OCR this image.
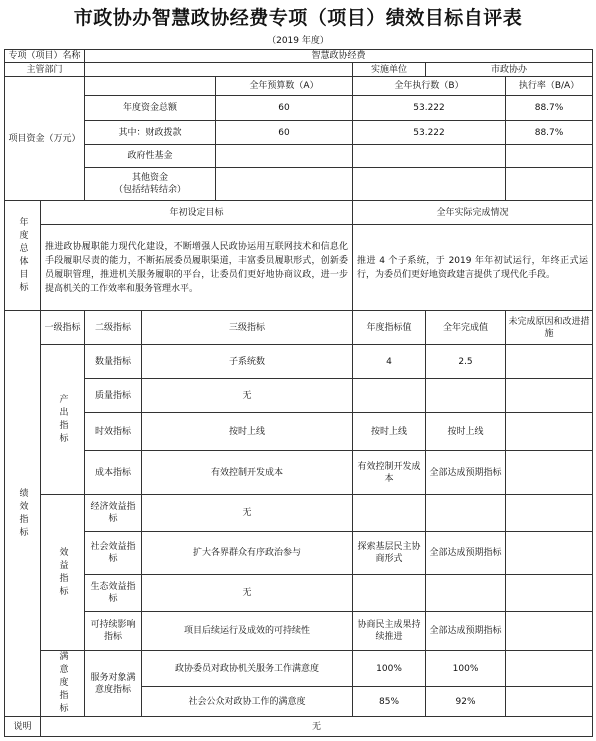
市政协办智慧政协经费专项（项目）绩效目标自评表
（2019 年度）
专项（项目）名称		智慧政协经费					
主管部门					实施单位	市政协办	
项目资金（万元）				全年预算数（A）	全年执行数（B）		执行率（B/A）
		年度资金总额		60	53.222		88.7%
		其中：财政拨款		60	53.222		88.7%
		政府性基金					
		其他资金
（包括结转结余）					
年度总体目标	年初设定目标				全年实际完成情况		
	推进政协履职能力现代化建设，不断增强人民政协运用互联网技术和信息化手段履职尽责的能力，不断拓展委员履职渠道，丰富委员履职形式，创新委员履职管理，推进机关服务履职的平台，让委员们更好地协商议政，进一步提高机关的工作效率和服务管理水平。				推进 4 个子系统，于 2019 年年初试运行，年终正式运行，为委员们更好地资政建言提供了现代化手段。		
绩效指标	一级指标	二级指标	三级指标		年度指标值	全年完成值	未完成原因和改进措施
	产出指标	数量指标	子系统数		4	2.5	
		质量指标	无				
		时效指标	按时上线		按时上线	按时上线	
		成本指标	有效控制开发成本		有效控制开发成本	全部达成预期指标	
	效益指标	经济效益指标	无				
		社会效益指标	扩大各界群众有序政治参与		探索基层民主协商形式	全部达成预期指标	
		生态效益指标	无				
		可持续影响指标	项目后续运行及成效的可持续性		协商民主成果持续推进	全部达成预期指标	
	满意度指标	服务对象满意度指标	政协委员对政协机关服务工作满意度		100%	100%	
			社会公众对政协工作的满意度		85%	92%	
说明	无						
